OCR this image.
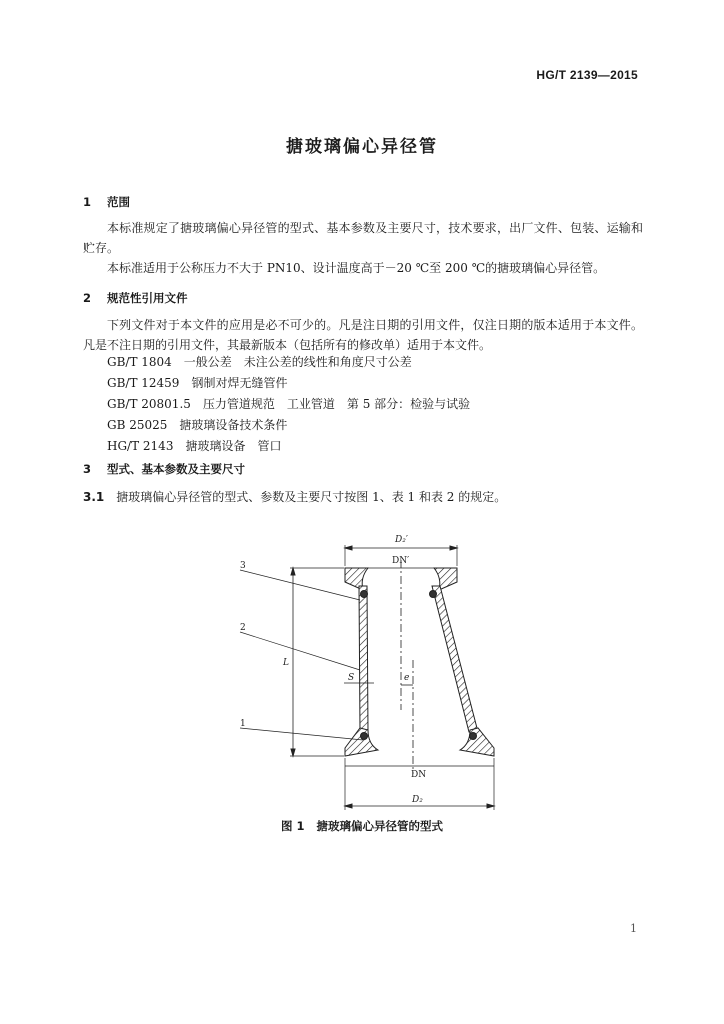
HG/T 2139—2015
搪玻璃偏心异径管
1 范围
本标准规定了搪玻璃偏心异径管的型式、基本参数及主要尺寸，技术要求，出厂文件、包装、运输和贮存。
本标准适用于公称压力不大于 PN10、设计温度高于－20 ℃至 200 ℃的搪玻璃偏心异径管。
2 规范性引用文件
下列文件对于本文件的应用是必不可少的。凡是注日期的引用文件，仅注日期的版本适用于本文件。凡是不注日期的引用文件，其最新版本（包括所有的修改单）适用于本文件。
GB/T 1804　一般公差　未注公差的线性和角度尺寸公差
GB/T 12459　钢制对焊无缝管件
GB/T 20801.5　压力管道规范　工业管道　第 5 部分：检验与试验
GB 25025　搪玻璃设备技术条件
HG/T 2143　搪玻璃设备　管口
3 型式、基本参数及主要尺寸
3.1 搪玻璃偏心异径管的型式、参数及主要尺寸按图 1、表 1 和表 2 的规定。
D₂′
DN′
DN
D₂
L
S	e
3
2
1
图 1 搪玻璃偏心异径管的型式
1
